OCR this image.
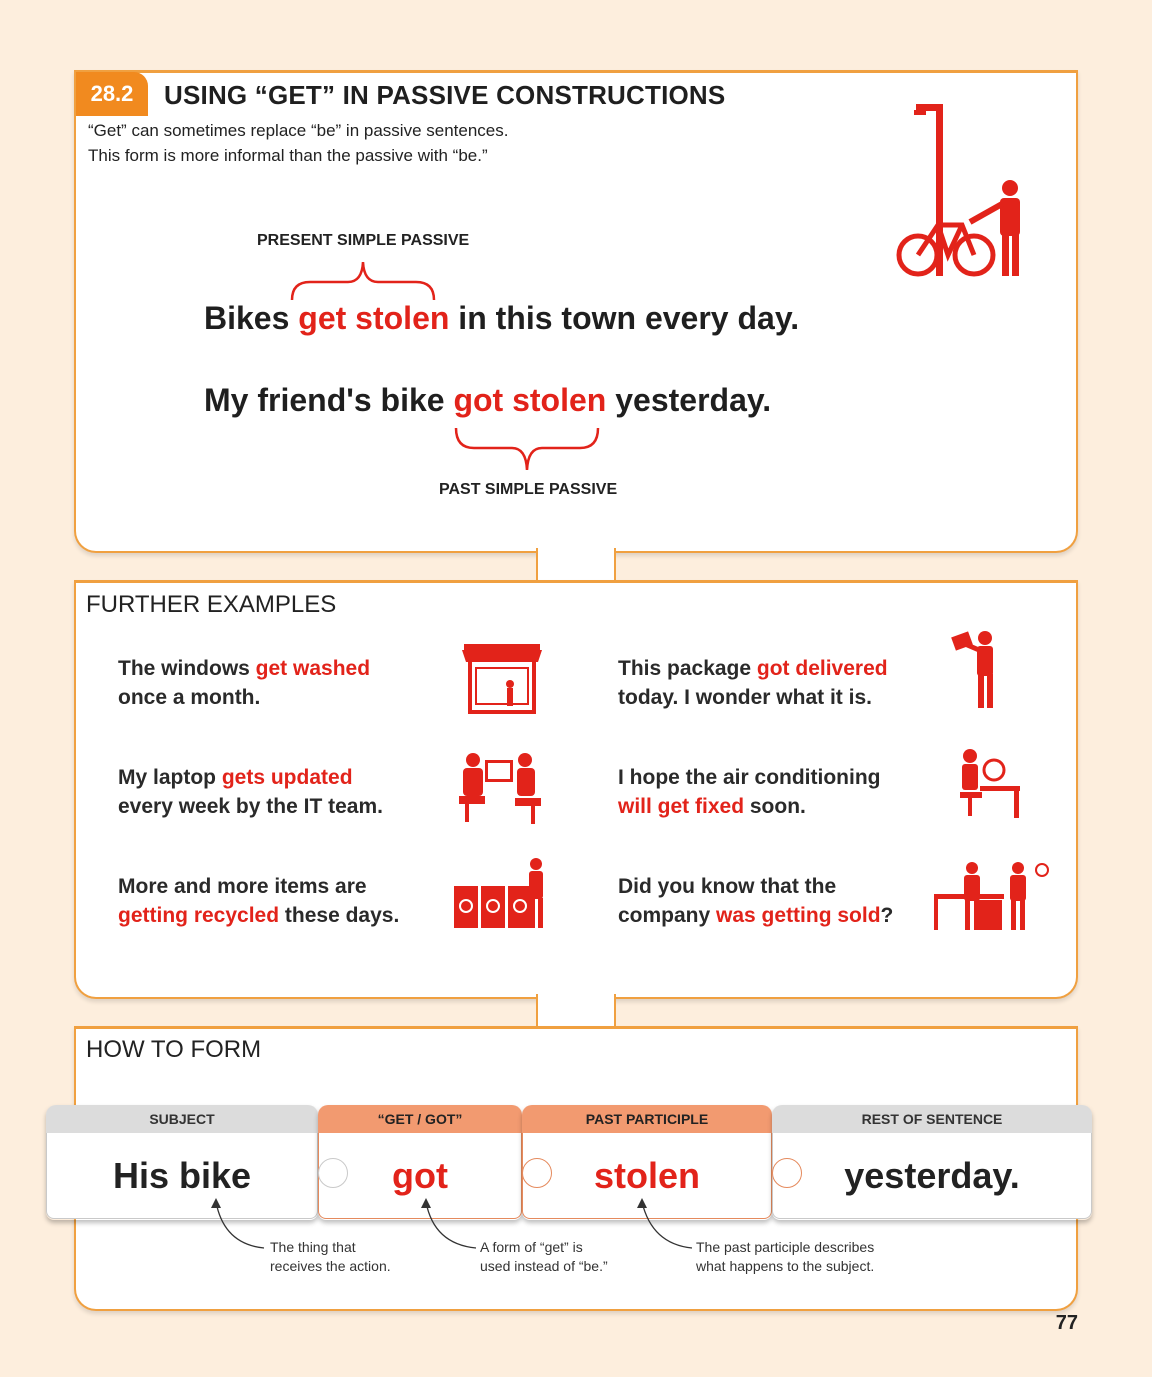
28.2	USING “GET” IN PASSIVE CONSTRUCTIONS
“Get” can sometimes replace “be” in passive sentences.
This form is more informal than the passive with “be.”
PRESENT SIMPLE PASSIVE
Bikes get stolen in this town every day.
My friend's bike got stolen yesterday.
PAST SIMPLE PASSIVE
FURTHER EXAMPLES
The windows get washed
once a month.
This package got delivered
today. I wonder what it is.
My laptop gets updated
every week by the IT team.
I hope the air conditioning
will get fixed soon.
More and more items are
getting recycled these days.
Did you know that the
company was getting sold?
HOW TO FORM
SUBJECT
His bike
“GET / GOT”
got
PAST PARTICIPLE
stolen
REST OF SENTENCE
yesterday.
The thing that
receives the action.
A form of “get” is
used instead of “be.”
The past participle describes
what happens to the subject.
77
